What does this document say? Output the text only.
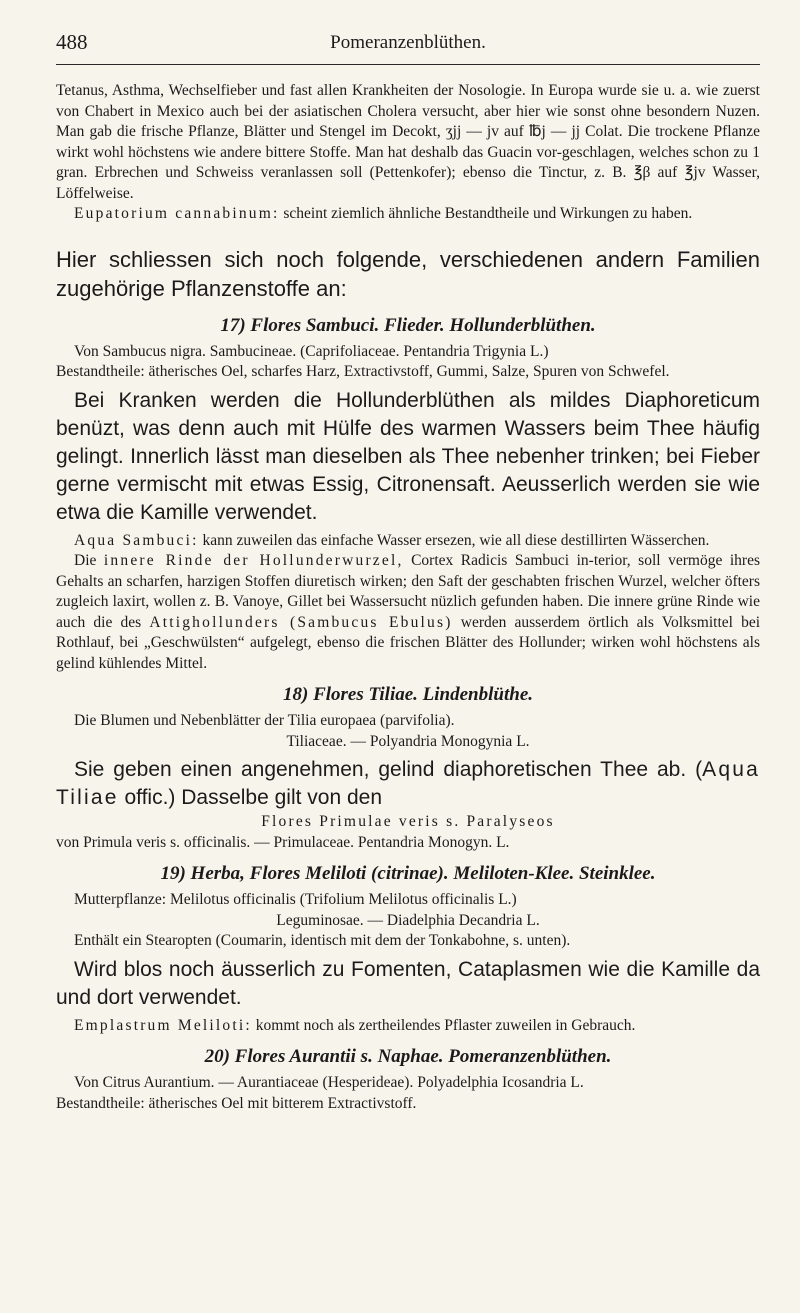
488	Pomeranzenblüthen.

Tetanus, Asthma, Wechselfieber und fast allen Krankheiten der Nosologie. In Europa wurde sie u. a. wie zuerst von Chabert in Mexico auch bei der asiatischen Cholera versucht, aber hier wie sonst ohne besondern Nuzen. Man gab die frische Pflanze, Blätter und Stengel im Decokt, ʒjj — jv auf ℔j — jj Colat. Die trockene Pflanze wirkt wohl höchstens wie andere bittere Stoffe. Man hat deshalb das Guacin vor-geschlagen, welches schon zu 1 gran. Erbrechen und Schweiss veranlassen soll (Pettenkofer); ebenso die Tinctur, z. B. ℥β auf ℥jv Wasser, Löffelweise.

Eupatorium cannabinum: scheint ziemlich ähnliche Bestandtheile und Wirkungen zu haben.

Hier schliessen sich noch folgende, verschiedenen andern Familien zugehörige Pflanzenstoffe an:

17) Flores Sambuci. Flieder. Hollunderblüthen.

Von Sambucus nigra. Sambucineae. (Caprifoliaceae. Pentandria Trigynia L.)

Bestandtheile: ätherisches Oel, scharfes Harz, Extractivstoff, Gummi, Salze, Spuren von Schwefel.

Bei Kranken werden die Hollunderblüthen als mildes Diaphoreticum benüzt, was denn auch mit Hülfe des warmen Wassers beim Thee häufig gelingt. Innerlich lässt man dieselben als Thee nebenher trinken; bei Fieber gerne vermischt mit etwas Essig, Citronensaft. Aeusserlich werden sie wie etwa die Kamille verwendet.

Aqua Sambuci: kann zuweilen das einfache Wasser ersezen, wie all diese destillirten Wässerchen.

Die innere Rinde der Hollunderwurzel, Cortex Radicis Sambuci in-terior, soll vermöge ihres Gehalts an scharfen, harzigen Stoffen diuretisch wirken; den Saft der geschabten frischen Wurzel, welcher öfters zugleich laxirt, wollen z. B. Vanoye, Gillet bei Wassersucht nüzlich gefunden haben. Die innere grüne Rinde wie auch die des Attighollunders (Sambucus Ebulus) werden ausserdem örtlich als Volksmittel bei Rothlauf, bei „Geschwülsten“ aufgelegt, ebenso die frischen Blätter des Hollunder; wirken wohl höchstens als gelind kühlendes Mittel.

18) Flores Tiliae. Lindenblüthe.

Die Blumen und Nebenblätter der Tilia europaea (parvifolia).

Tiliaceae. — Polyandria Monogynia L.

Sie geben einen angenehmen, gelind diaphoretischen Thee ab. (Aqua Tiliae offic.) Dasselbe gilt von den

Flores Primulae veris s. Paralyseos

von Primula veris s. officinalis. — Primulaceae. Pentandria Monogyn. L.

19) Herba, Flores Meliloti (citrinae). Meliloten-Klee. Steinklee.

Mutterpflanze: Melilotus officinalis (Trifolium Melilotus officinalis L.)

Leguminosae. — Diadelphia Decandria L.

Enthält ein Stearopten (Coumarin, identisch mit dem der Tonkabohne, s. unten).

Wird blos noch äusserlich zu Fomenten, Cataplasmen wie die Kamille da und dort verwendet.

Emplastrum Meliloti: kommt noch als zertheilendes Pflaster zuweilen in Gebrauch.

20) Flores Aurantii s. Naphae. Pomeranzenblüthen.

Von Citrus Aurantium. — Aurantiaceae (Hesperideae). Polyadelphia Icosandria L.

Bestandtheile: ätherisches Oel mit bitterem Extractivstoff.
